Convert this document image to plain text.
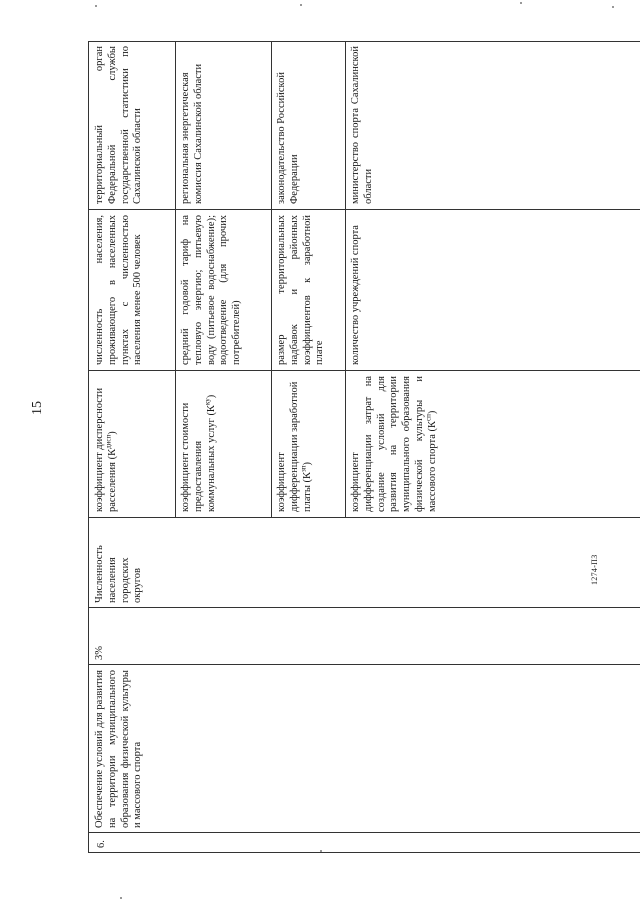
15
1274-ПЗ
6.
Обеспечение условий для развития на территории муниципального образования физической культуры и массового спорта
3%
Численность населения городских округов
коэффициент дисперсности расселения $(К^{дисп})$
численность населения, проживающего в населенных пунктах с численностью населения менее 500 человек
территориальный орган Федеральной службы государственной статистики по Сахалинской области
коэффициент стоимости предоставления коммунальных услуг $(К^{ку})$
средний годовой тариф на тепловую энергию; питьевую воду (питьевое водоснабжение); водоотведение (для прочих потребителей)
региональная энергетическая комиссия Сахалинской области
коэффициент дифференциации заработной платы $(К^{зп})$
размер территориальных надбавок и районных коэффициентов к заработной плате
законодательство Российской Федерации
коэффициент дифференциации затрат на создание условий для развития на территории муниципального образования физической культуры и массового спорта $(К^{сп})$
количество учреждений спорта
министерство спорта Сахалинской области
